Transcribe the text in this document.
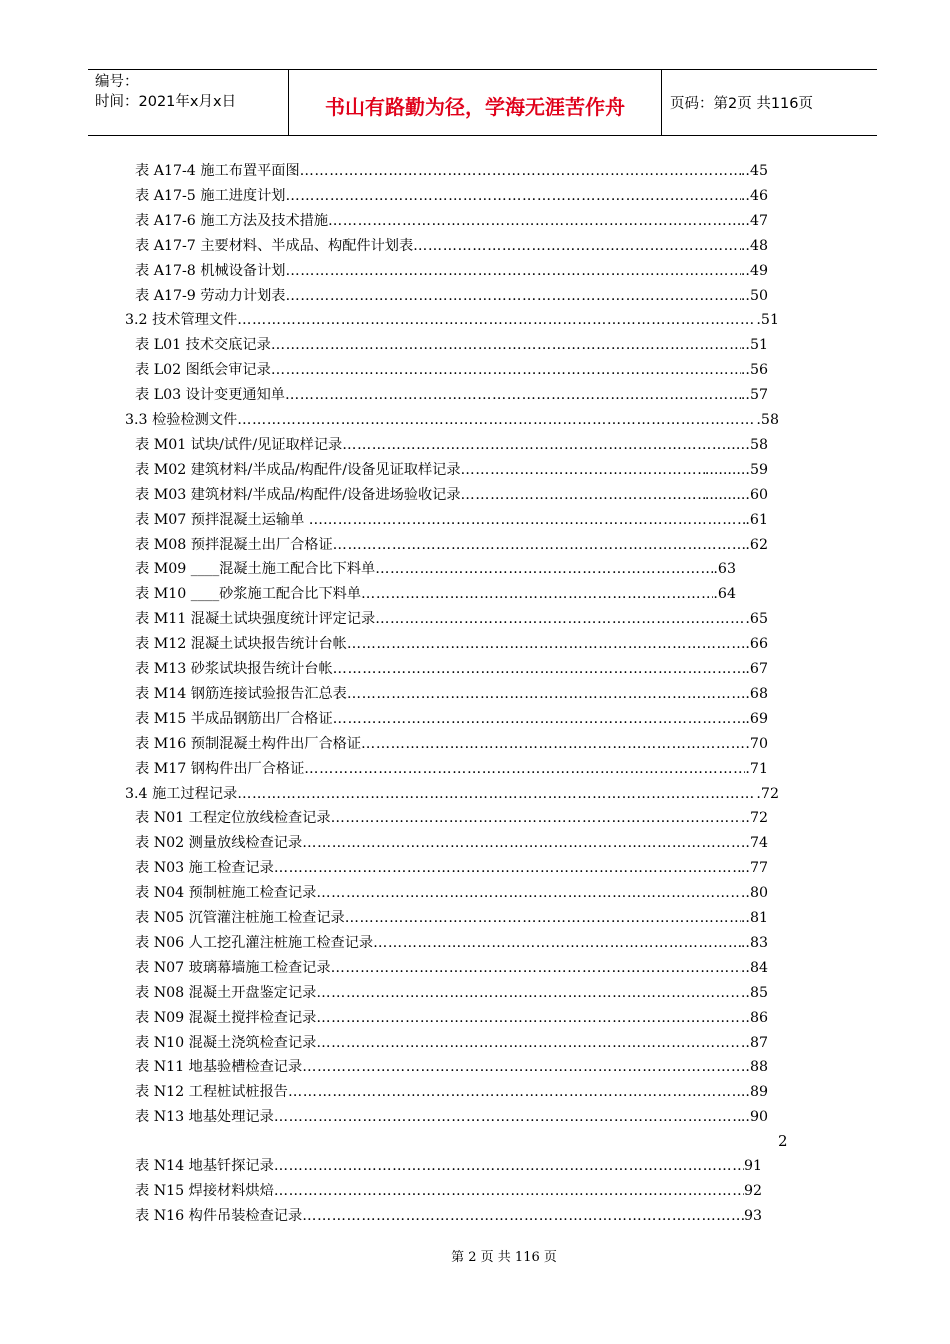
编号：
时间：2021年x月x日	书山有路勤为径，学海无涯苦作舟	页码：第2页 共116页
表 A17-4 施工布置平面图 …………………………………………………………………………………………………………………………………………………………………………………………	..45
表 A17-5 施工进度计划 …………………………………………………………………………………………………………………………………………………………………………………………	..46
表 A17-6 施工方法及技术措施 …………………………………………………………………………………………………………………………………………………………………………………………	..47
表 A17-7 主要材料、半成品、构配件计划表 …………………………………………………………………………………………………………………………………………………………………………………………	..48
表 A17-8 机械设备计划 …………………………………………………………………………………………………………………………………………………………………………………………	..49
表 A17-9 劳动力计划表 …………………………………………………………………………………………………………………………………………………………………………………………	..50
3.2 技术管理文件 …………………………………………………………………………………………………………………………………………………………………………………………	.51
表 L01 技术交底记录 …………………………………………………………………………………………………………………………………………………………………………………………	..51
表 L02 图纸会审记录 …………………………………………………………………………………………………………………………………………………………………………………………	..56
表 L03 设计变更通知单 …………………………………………………………………………………………………………………………………………………………………………………………	..57
3.3 检验检测文件 …………………………………………………………………………………………………………………………………………………………………………………………	.58
表 M01 试块/试件/见证取样记录 …………………………………………………………………………………………………………………………………………………………………………………………	……58
表 M02 建筑材料/半成品/构配件/设备见证取样记录 …………………………………………………………………………………………………………………………………………………………………………………………	..........59
表 M03 建筑材料/半成品/构配件/设备进场验收记录 …………………………………………………………………………………………………………………………………………………………………………………………	..........60
表 M07 预拌混凝土运输单 … …………………………………………………………………………………………………………………………………………………………………………………………	.61
表 M08 预拌混凝土出厂合格证 …………………………………………………………………………………………………………………………………………………………………………………………	.62
表 M09 ____混凝土施工配合比下料单 …………………………………………………………………………………………………………………………………………………………………………………………	.63
表 M10 ____砂浆施工配合比下料单 …………………………………………………………………………………………………………………………………………………………………………………………	.64
表 M11 混凝土试块强度统计评定记录 …………………………………………………………………………………………………………………………………………………………………………………………	.65
表 M12 混凝土试块报告统计台帐 …………………………………………………………………………………………………………………………………………………………………………………………	.66
表 M13 砂浆试块报告统计台帐 …………………………………………………………………………………………………………………………………………………………………………………………	.67
表 M14 钢筋连接试验报告汇总表 …………………………………………………………………………………………………………………………………………………………………………………………	.68
表 M15 半成品钢筋出厂合格证 …………………………………………………………………………………………………………………………………………………………………………………………	.69
表 M16 预制混凝土构件出厂合格证 …………………………………………………………………………………………………………………………………………………………………………………………	.70
表 M17 钢构件出厂合格证 …………………………………………………………………………………………………………………………………………………………………………………………	.71
3.4 施工过程记录 …………………………………………………………………………………………………………………………………………………………………………………………	.72
表 N01 工程定位放线检查记录 …………………………………………………………………………………………………………………………………………………………………………………………	..72
表 N02 测量放线检查记录 …………………………………………………………………………………………………………………………………………………………………………………………	..74
表 N03 施工检查记录 …………………………………………………………………………………………………………………………………………………………………………………………	..77
表 N04 预制桩施工检查记录 …………………………………………………………………………………………………………………………………………………………………………………………	..80
表 N05 沉管灌注桩施工检查记录 …………………………………………………………………………………………………………………………………………………………………………………………	..81
表 N06 人工挖孔灌注桩施工检查记录 …………………………………………………………………………………………………………………………………………………………………………………………	..83
表 N07 玻璃幕墙施工检查记录 …………………………………………………………………………………………………………………………………………………………………………………………	..84
表 N08 混凝土开盘鉴定记录 …………………………………………………………………………………………………………………………………………………………………………………………	..85
表 N09 混凝土搅拌检查记录 …………………………………………………………………………………………………………………………………………………………………………………………	..86
表 N10 混凝土浇筑检查记录 …………………………………………………………………………………………………………………………………………………………………………………………	..87
表 N11 地基验槽检查记录 …………………………………………………………………………………………………………………………………………………………………………………………	..88
表 N12 工程桩试桩报告 …………………………………………………………………………………………………………………………………………………………………………………………	..89
表 N13 地基处理记录 …………………………………………………………………………………………………………………………………………………………………………………………	..90
表 N14 地基钎探记录 …………………………………………………………………………………………………………………………………………………………………………………………	91
表 N15 焊接材料烘焙 …………………………………………………………………………………………………………………………………………………………………………………………	92
表 N16 构件吊装检查记录 …………………………………………………………………………………………………………………………………………………………………………………………	93
2
第 2 页 共 116 页
